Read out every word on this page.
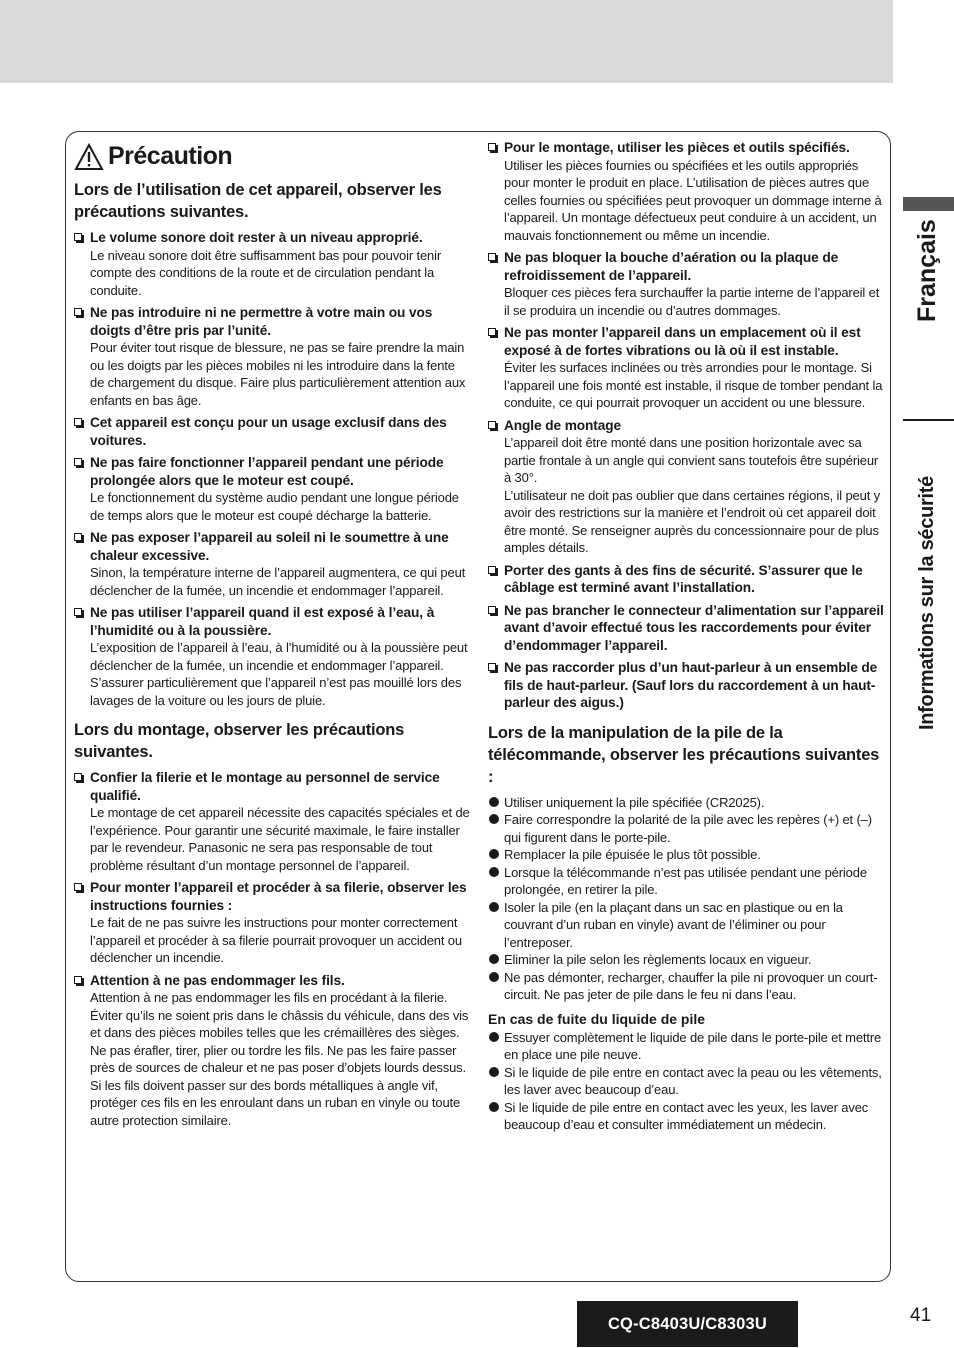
Français
Informations sur la sécurité
Précaution
Lors de l’utilisation de cet appareil, observer les précautions suivantes.
Le volume sonore doit rester à un niveau approprié.
Le niveau sonore doit être suffisamment bas pour pouvoir tenir compte des conditions de la route et de circulation pendant la conduite.
Ne pas introduire ni ne permettre à votre main ou vos doigts d’être pris par l’unité.
Pour éviter tout risque de blessure, ne pas se faire prendre la main ou les doigts par les pièces mobiles ni les introduire dans la fente de chargement du disque. Faire plus particulièrement attention aux enfants en bas âge.
Cet appareil est conçu pour un usage exclusif dans des voitures.
Ne pas faire fonctionner l’appareil pendant une période prolongée alors que le moteur est coupé.
Le fonctionnement du système audio pendant une longue période de temps alors que le moteur est coupé décharge la batterie.
Ne pas exposer l’appareil au soleil ni le soumettre à une chaleur excessive.
Sinon, la température interne de l’appareil augmentera, ce qui peut déclencher de la fumée, un incendie et endommager l’appareil.
Ne pas utiliser l’appareil quand il est exposé à l’eau, à l’humidité ou à la poussière.
L’exposition de l’appareil à l’eau, à l’humidité ou à la poussière peut déclencher de la fumée, un incendie et endommager l’appareil. S’assurer particulièrement que l’appareil n’est pas mouillé lors des lavages de la voiture ou les jours de pluie.
Lors du montage, observer les précautions suivantes.
Confier la filerie et le montage au personnel de service qualifié.
Le montage de cet appareil nécessite des capacités spéciales et de l’expérience. Pour garantir une sécurité maximale, le faire installer par le revendeur. Panasonic ne sera pas responsable de tout problème résultant d’un montage personnel de l’appareil.
Pour monter l’appareil et procéder à sa filerie, observer les instructions fournies :
Le fait de ne pas suivre les instructions pour monter correctement l’appareil et procéder à sa filerie pourrait provoquer un accident ou déclencher un incendie.
Attention à ne pas endommager les fils.
Attention à ne pas endommager les fils en procédant à la filerie. Éviter qu’ils ne soient pris dans le châssis du véhicule, dans des vis et dans des pièces mobiles telles que les crémaillères des sièges. Ne pas érafler, tirer, plier ou tordre les fils. Ne pas les faire passer près de sources de chaleur et ne pas poser d’objets lourds dessus. Si les fils doivent passer sur des bords métalliques à angle vif, protéger ces fils en les enroulant dans un ruban en vinyle ou toute autre protection similaire.
Pour le montage, utiliser les pièces et outils spécifiés.
Utiliser les pièces fournies ou spécifiées et les outils appropriés pour monter le produit en place. L’utilisation de pièces autres que celles fournies ou spécifiées peut provoquer un dommage interne à l’appareil. Un montage défectueux peut conduire à un accident, un mauvais fonctionnement ou même un incendie.
Ne pas bloquer la bouche d’aération ou la plaque de refroidissement de l’appareil.
Bloquer ces pièces fera surchauffer la partie interne de l’appareil et il se produira un incendie ou d’autres dommages.
Ne pas monter l’appareil dans un emplacement où il est exposé à de fortes vibrations ou là où il est instable.
Éviter les surfaces inclinées ou très arrondies pour le montage. Si l’appareil une fois monté est instable, il risque de tomber pendant la conduite, ce qui pourrait provoquer un accident ou une blessure.
Angle de montage
L’appareil doit être monté dans une position horizontale avec sa partie frontale à un angle qui convient sans toutefois être supérieur à 30°.
L’utilisateur ne doit pas oublier que dans certaines régions, il peut y avoir des restrictions sur la manière et l’endroit où cet appareil doit être monté. Se renseigner auprès du concessionnaire pour de plus amples détails.
Porter des gants à des fins de sécurité. S’assurer que le câblage est terminé avant l’installation.
Ne pas brancher le connecteur d’alimentation sur l’appareil avant d’avoir effectué tous les raccordements pour éviter d’endommager l’appareil.
Ne pas raccorder plus d’un haut-parleur à un ensemble de fils de haut-parleur. (Sauf lors du raccordement à un haut-parleur des aigus.)
Lors de la manipulation de la pile de la télécommande, observer les précautions suivantes :
Utiliser uniquement la pile spécifiée (CR2025).
Faire correspondre la polarité de la pile avec les repères (+) et (–) qui figurent dans le porte-pile.
Remplacer la pile épuisée le plus tôt possible.
Lorsque la télécommande n’est pas utilisée pendant une période prolongée, en retirer la pile.
Isoler la pile (en la plaçant dans un sac en plastique ou en la couvrant d’un ruban en vinyle) avant de l’éliminer ou pour l’entreposer.
Eliminer la pile selon les règlements locaux en vigueur.
Ne pas démonter, recharger, chauffer la pile ni provoquer un court-circuit. Ne pas jeter de pile dans le feu ni dans l’eau.
En cas de fuite du liquide de pile
Essuyer complètement le liquide de pile dans le porte-pile et mettre en place une pile neuve.
Si le liquide de pile entre en contact avec la peau ou les vêtements, les laver avec beaucoup d’eau.
Si le liquide de pile entre en contact avec les yeux, les laver avec beaucoup d’eau et consulter immédiatement un médecin.
CQ-C8403U/C8303U	41
